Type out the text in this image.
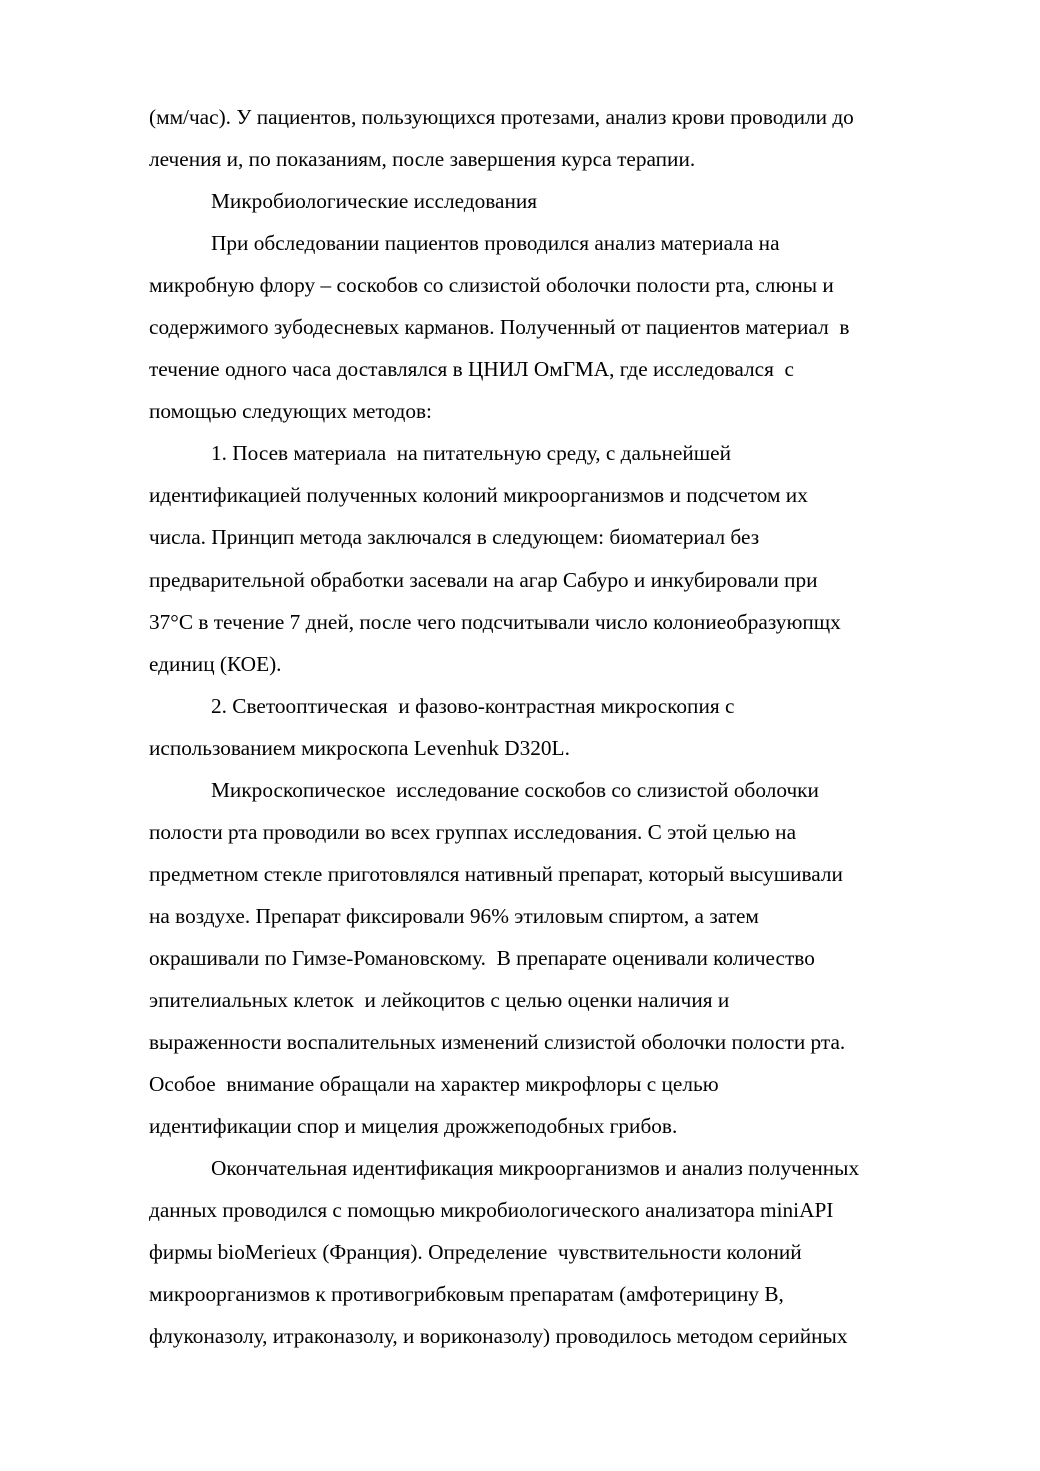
(мм/час). У пациентов, пользующихся протезами, анализ крови проводили до
лечения и, по показаниям, после завершения курса терапии.
Микробиологические исследования
При обследовании пациентов проводился анализ материала на
микробную флору – соскобов со слизистой оболочки полости рта, слюны и
содержимого зубодесневых карманов. Полученный от пациентов материал  в
течение одного часа доставлялся в ЦНИЛ ОмГМА, где исследовался  с
помощью следующих методов:
1. Посев материала  на питательную среду, с дальнейшей
идентификацией полученных колоний микроорганизмов и подсчетом их
числа. Принцип метода заключался в следующем: биоматериал без
предварительной обработки засевали на агар Сабуро и инкубировали при
37°С в течение 7 дней, после чего подсчитывали число колониеобразуюпщх
единиц (КОЕ).
2. Светооптическая  и фазово-контрастная микроскопия с
использованием микроскопа Levenhuk D320L.
Микроскопическое  исследование соскобов со слизистой оболочки
полости рта проводили во всех группах исследования. С этой целью на
предметном стекле приготовлялся нативный препарат, который высушивали
на воздухе. Препарат фиксировали 96% этиловым спиртом, а затем
окрашивали по Гимзе-Романовскому.  В препарате оценивали количество
эпителиальных клеток  и лейкоцитов с целью оценки наличия и
выраженности воспалительных изменений слизистой оболочки полости рта.
Особое  внимание обращали на характер микрофлоры с целью
идентификации спор и мицелия дрожжеподобных грибов.
Окончательная идентификация микроорганизмов и анализ полученных
данных проводился с помощью микробиологического анализатора miniAPI
фирмы bioMerieux (Франция). Определение  чувствительности колоний
микроорганизмов к противогрибковым препаратам (амфотерицину В,
флуконазолу, итраконазолу, и вориконазолу) проводилось методом серийных
